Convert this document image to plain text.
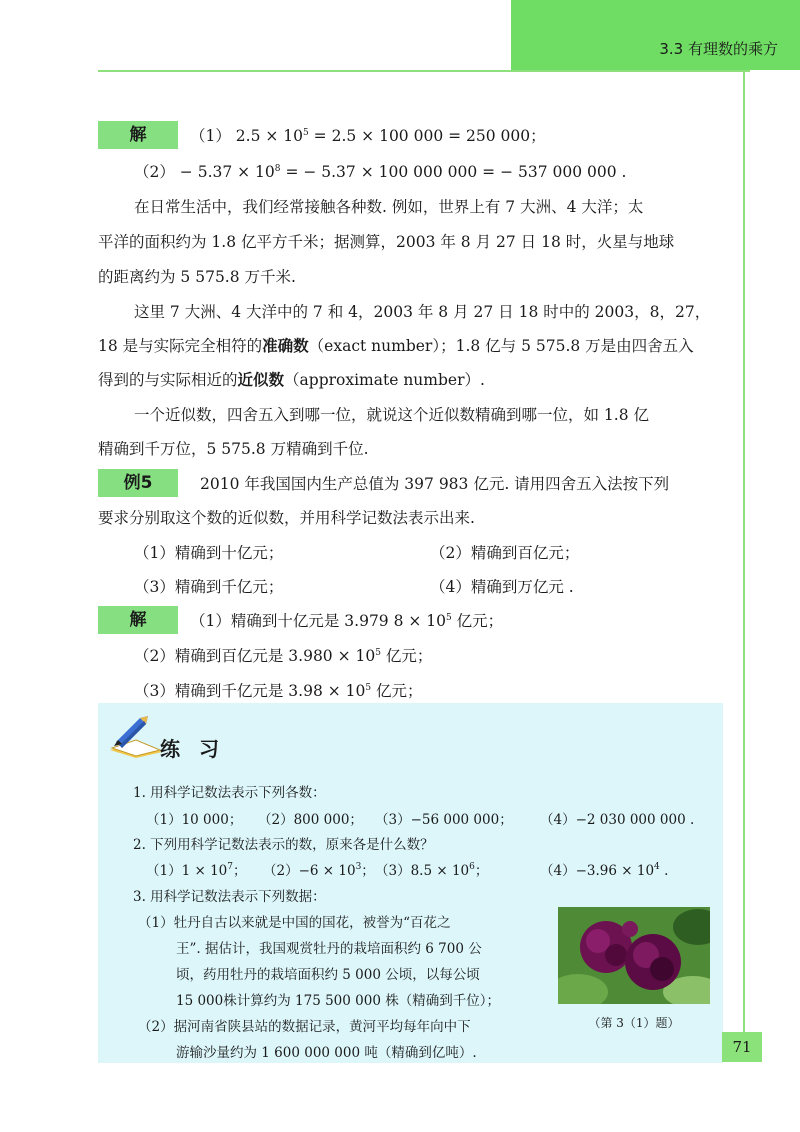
3.3 有理数的乘方
解	（1） $2.5 \times 10^5 = 2.5 \times 100$ 000 = 250 000；
$(2) - 5.37 \times 10^8$ = − 5.37 × 100 000 000 = − 537 000 000 .
在日常生活中，我们经常接触各种数. 例如，世界上有 7 大洲、4 大洋；太
平洋的面积约为 1.8 亿平方千米；据测算，2003 年 8 月 27 日 18 时，火星与地球
的距离约为 5 575.8 万千米.
这里 7 大洲、4 大洋中的 7 和 4，2003 年 8 月 27 日 18 时中的 2003，8，27，
18 是与实际完全相符的准确数（exact number）；1.8 亿与 5 575.8 万是由四舍五入
得到的与实际相近的近似数（approximate number）.
一个近似数，四舍五入到哪一位，就说这个近似数精确到哪一位，如 1.8 亿
精确到千万位，5 575.8 万精确到千位.
例5	2010 年我国国内生产总值为 397 983 亿元. 请用四舍五入法按下列
要求分别取这个数的近似数，并用科学记数法表示出来.
（1）精确到十亿元；	（2）精确到百亿元；
（3）精确到千亿元；	（4）精确到万亿元 .
解	（1）精确到十亿元是 3.979 $8 \times 10^5$ 亿元；
（2）精确到百亿元是 $3.980 \times 10^5$ 亿元；
（3）精确到千亿元是 $3.98 \times 10^5$ 亿元；
练 习
1. 用科学记数法表示下列各数：
（1）10 000； （2）800 000； （3）−56 000 000； （4）−2 030 000 000 .
2. 下列用科学记数法表示的数，原来各是什么数？
$(1)1 \times 10^7$； $(2)-6 \times 10^3$； $(3)8.5 \times 10^6$；	$(4)-3.96 \times 10^4$ .
3. 用科学记数法表示下列数据：
（1）牡丹自古以来就是中国的国花，被誉为“百花之
王”. 据估计，我国观赏牡丹的栽培面积约 6 700 公
顷，药用牡丹的栽培面积约 5 000 公顷，以每公顷
15 000株计算约为 175 500 000 株（精确到千位）；
（2）据河南省陕县站的数据记录，黄河平均每年向中下
游输沙量约为 1 600 000 000 吨（精确到亿吨）.
（第 3（1）题）
71
